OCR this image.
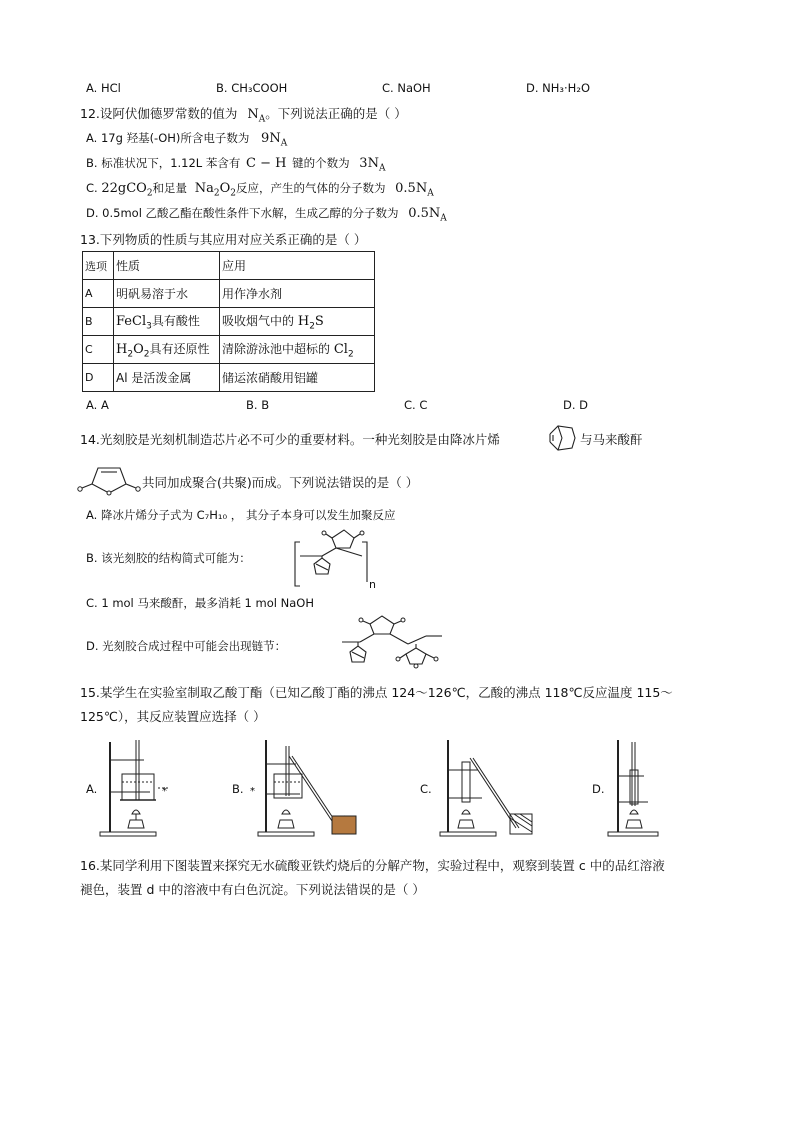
A. HCl	B. CH₃COOH	C. NaOH	D. NH₃·H₂O
12.设阿伏伽德罗常数的值为 $N_A$。下列说法正确的是（ ）
A. 17g 羟基(-OH)所含电子数为 $9N_A$
B. 标准状况下，1.12L 苯含有 C − H 键的个数为 $3N_A$
C. 22gCO$_2$和足量 $Na_2O_2$反应，产生的气体的分子数为 $0.5N_A$
D. 0.5mol 乙酸乙酯在酸性条件下水解，生成乙醇的分子数为 $0.5N_A$
13.下列物质的性质与其应用对应关系正确的是（ ）
选项	性质	应用
A	明矾易溶于水	用作净水剂
B	FeCl$_3$具有酸性	吸收烟气中的 $H_2S$
C	$H_2O_2$具有还原性	清除游泳池中超标的 $Cl_2$
D	Al 是活泼金属	储运浓硝酸用铝罐
A. A	B. B	C. C	D. D
14.光刻胶是光刻机制造芯片必不可少的重要材料。一种光刻胶是由降冰片烯	与马来酸酐
共同加成聚合(共聚)而成。下列说法错误的是（ ）
A. 降冰片烯分子式为 C₇H₁₀ ， 其分子本身可以发生加聚反应
B. 该光刻胶的结构简式可能为：
n
C. 1 mol 马来酸酐，最多消耗 1 mol NaOH
D. 光刻胶合成过程中可能会出现链节：
15.某学生在实验室制取乙酸丁酯（已知乙酸丁酯的沸点 124～126℃，乙酸的沸点 118℃反应温度 115～
125℃），其反应装置应选择（ ）
A.	*	B. *	C.	D.
16.某同学利用下图装置来探究无水硫酸亚铁灼烧后的分解产物，实验过程中，观察到装置 c 中的品红溶液
褪色，装置 d 中的溶液中有白色沉淀。下列说法错误的是（ ）
